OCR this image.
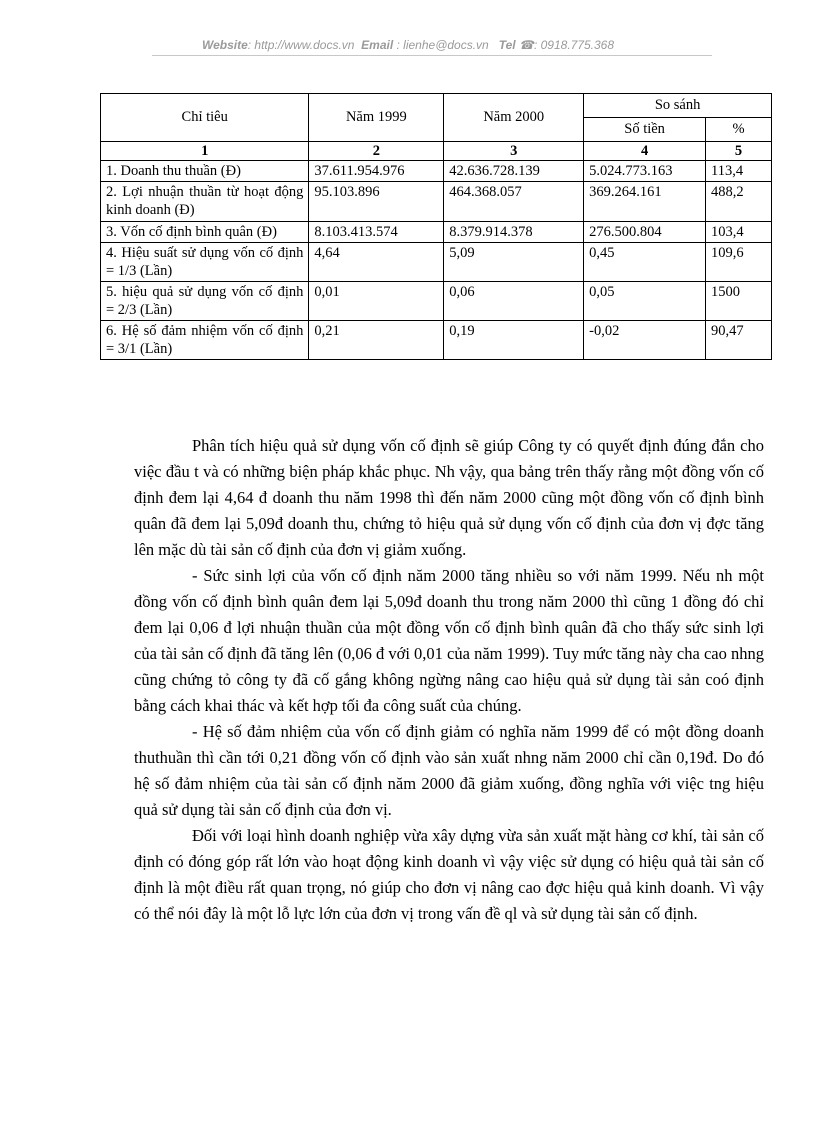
Website: http://www.docs.vn Email : lienhe@docs.vn Tel ☎: 0918.775.368
Chỉ tiêu	Năm 1999	Năm 2000	So sánh	
			Số tiền	%
1	2	3	4	5
1. Doanh thu thuần (Đ)	37.611.954.976	42.636.728.139	5.024.773.163	113,4
2. Lợi nhuận thuần từ hoạt động kinh doanh (Đ)	95.103.896	464.368.057	369.264.161	488,2
3. Vốn cố định bình quân (Đ)	8.103.413.574	8.379.914.378	276.500.804	103,4
4. Hiệu suất sử dụng vốn cố định = 1/3 (Lần)	4,64	5,09	0,45	109,6
5. hiệu quả sử dụng vốn cố định = 2/3 (Lần)	0,01	0,06	0,05	1500
6. Hệ số đảm nhiệm vốn cố định = 3/1 (Lần)	0,21	0,19	-0,02	90,47

Phân tích hiệu quả sử dụng vốn cố định sẽ giúp Công ty có quyết định đúng đắn cho việc đầu t và có những biện pháp khắc phục. Nh vậy, qua bảng trên thấy rằng một đồng vốn cố định đem lại 4,64 đ doanh thu năm 1998 thì đến năm 2000 cũng một đồng vốn cố định bình quân đã đem lại 5,09đ doanh thu, chứng tỏ hiệu quả sử dụng vốn cố định của đơn vị đợc tăng lên mặc dù tài sản cố định của đơn vị giảm xuống.

- Sức sinh lợi của vốn cố định năm 2000 tăng nhiều so với năm 1999. Nếu nh một đồng vốn cố định bình quân đem lại 5,09đ doanh thu trong năm 2000 thì cũng 1 đồng đó chỉ đem lại 0,06 đ lợi nhuận thuần của một đồng vốn cố định bình quân đã cho thấy sức sinh lợi của tài sản cố định đã tăng lên (0,06 đ với 0,01 của năm 1999). Tuy mức tăng này cha cao nhng cũng chứng tỏ công ty đã cố gắng không ngừng nâng cao hiệu quả sử dụng tài sản coó định bằng cách khai thác và kết hợp tối đa công suất của chúng.

- Hệ số đảm nhiệm của vốn cố định giảm có nghĩa năm 1999 để có một đồng doanh thuthuần thì cần tới 0,21 đồng vốn cố định vào sản xuất nhng năm 2000 chỉ cần 0,19đ. Do đó hệ số đảm nhiệm của tài sản cố định năm 2000 đã giảm xuống, đồng nghĩa với việc tng hiệu quả sử dụng tài sản cố định của đơn vị.

Đối với loại hình doanh nghiệp vừa xây dựng vừa sản xuất mặt hàng cơ khí, tài sản cố định có đóng góp rất lớn vào hoạt động kinh doanh vì vậy việc sử dụng có hiệu quả tài sản cố định là một điều rất quan trọng, nó giúp cho đơn vị nâng cao đợc hiệu quả kinh doanh. Vì vậy có thể nói đây là một lỗ lực lớn của đơn vị trong vấn đề ql và sử dụng tài sản cố định.
